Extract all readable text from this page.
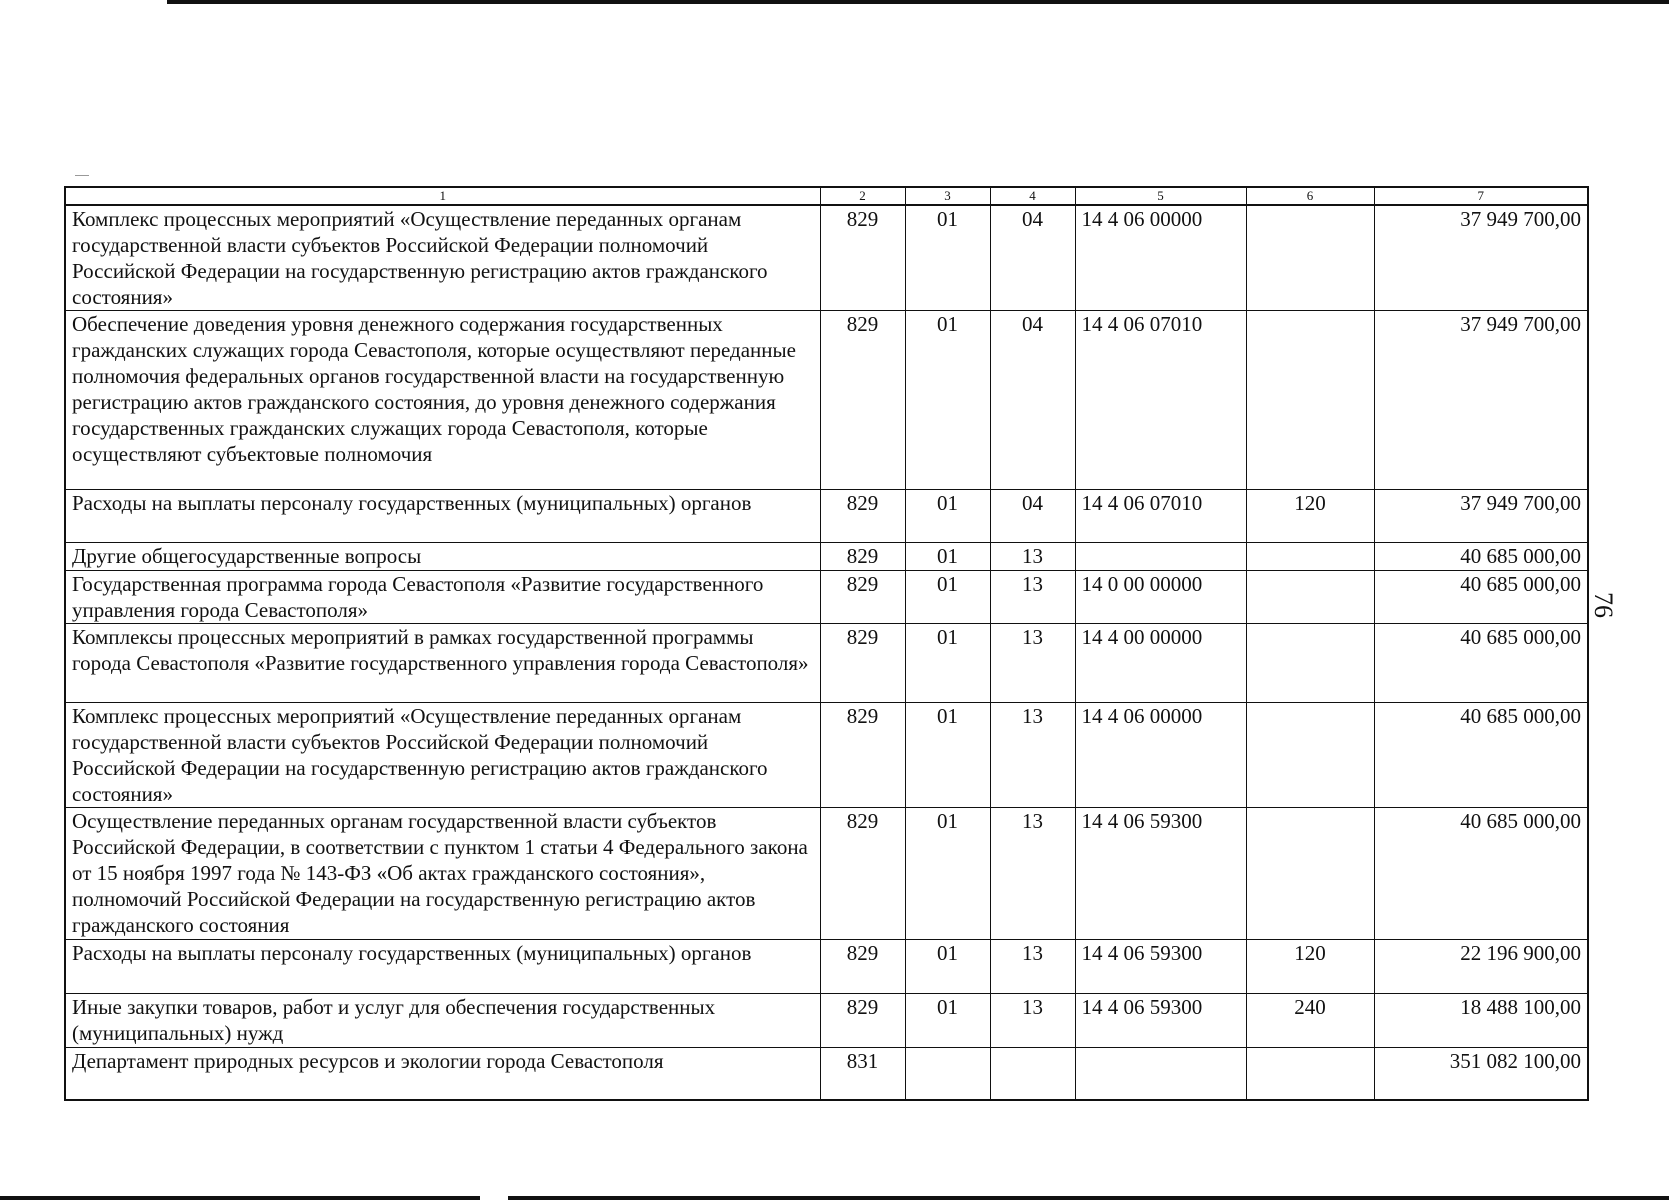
76
1	2	3	4	5	6	7
Комплекс процессных мероприятий «Осуществление переданных органам государственной власти субъектов Российской Федерации полномочий Российской Федерации на государственную регистрацию актов гражданского состояния»	829	01	04	14 4 06 00000		37 949 700,00
Обеспечение доведения уровня денежного содержания государственных гражданских служащих города Севастополя, которые осуществляют переданные полномочия федеральных органов государственной власти на государственную регистрацию актов гражданского состояния, до уровня денежного содержания государственных гражданских служащих города Севастополя, которые осуществляют субъектовые полномочия	829	01	04	14 4 06 07010		37 949 700,00
Расходы на выплаты персоналу государственных (муниципальных) органов	829	01	04	14 4 06 07010	120	37 949 700,00
Другие общегосударственные вопросы	829	01	13			40 685 000,00
Государственная программа города Севастополя «Развитие государственного управления города Севастополя»	829	01	13	14 0 00 00000		40 685 000,00
Комплексы процессных мероприятий в рамках государственной программы города Севастополя «Развитие государственного управления города Севастополя»	829	01	13	14 4 00 00000		40 685 000,00
Комплекс процессных мероприятий «Осуществление переданных органам государственной власти субъектов Российской Федерации полномочий Российской Федерации на государственную регистрацию актов гражданского состояния»	829	01	13	14 4 06 00000		40 685 000,00
Осуществление переданных органам государственной власти субъектов Российской Федерации, в соответствии с пунктом 1 статьи 4 Федерального закона от 15 ноября 1997 года № 143-ФЗ «Об актах гражданского состояния», полномочий Российской Федерации на государственную регистрацию актов гражданского состояния	829	01	13	14 4 06 59300		40 685 000,00
Расходы на выплаты персоналу государственных (муниципальных) органов	829	01	13	14 4 06 59300	120	22 196 900,00
Иные закупки товаров, работ и услуг для обеспечения государственных (муниципальных) нужд	829	01	13	14 4 06 59300	240	18 488 100,00
Департамент природных ресурсов и экологии города Севастополя	831					351 082 100,00
